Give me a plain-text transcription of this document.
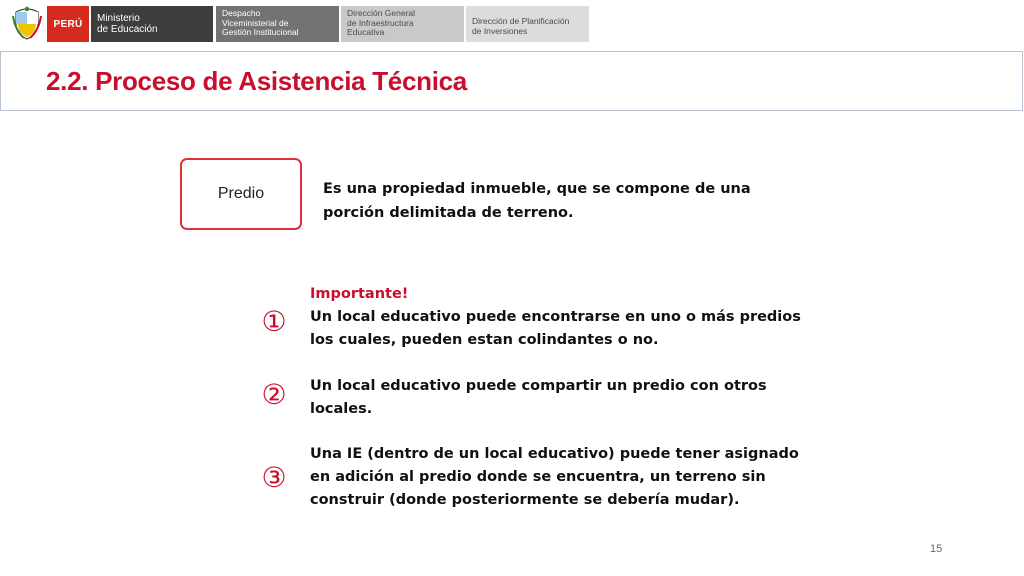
PERÚ	Ministerio
de Educación
Despacho
Viceministerial de
Gestión Institucional
Dirección General
de Infraestructura
Educativa
Dirección de Planificación
de Inversiones
2.2. Proceso de Asistencia Técnica
Predio	Es una propiedad inmueble, que se compone de una porción delimitada de terreno.
①
②
③
Importante!
Un local educativo puede encontrarse en uno o más predios los cuales, pueden estan colindantes o no.
Un local educativo puede compartir un predio con otros locales.
Una IE (dentro de un local educativo) puede tener asignado en adición al predio donde se encuentra, un terreno sin construir (donde posteriormente se debería mudar).
15
